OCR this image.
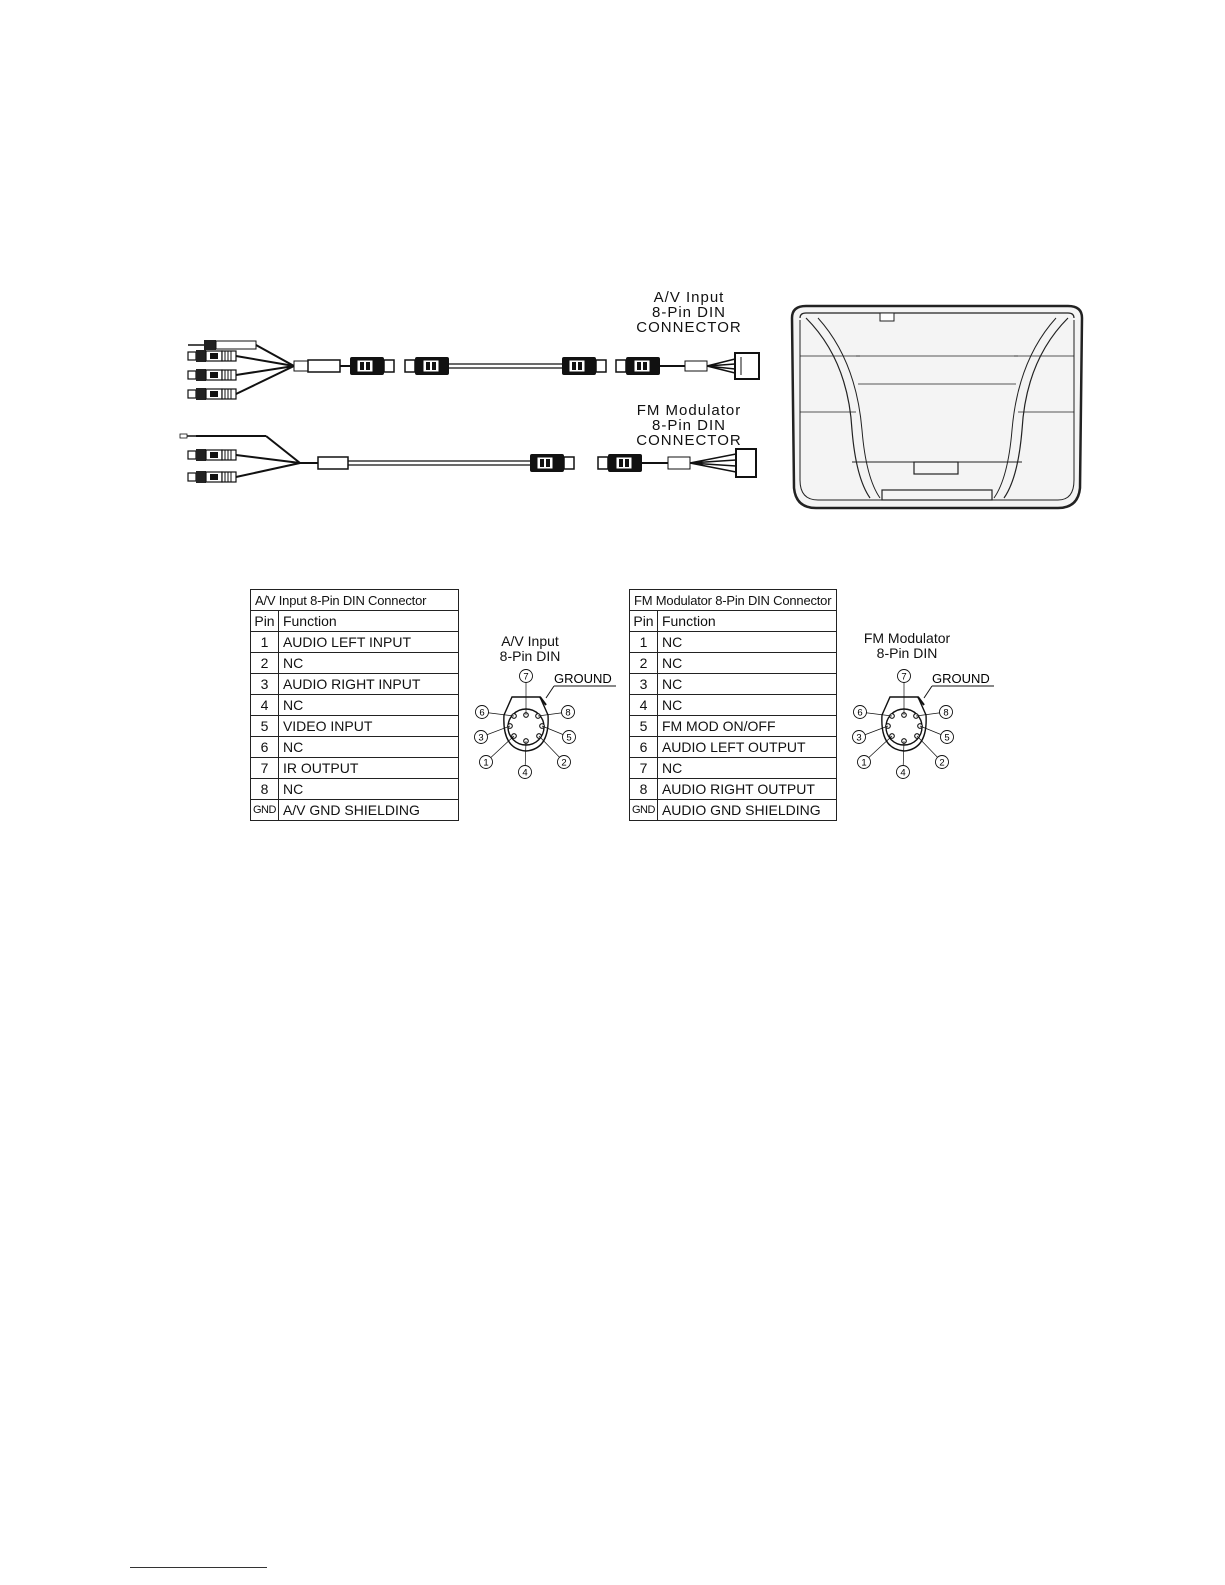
A/V Input
8-Pin DIN
CONNECTOR
FM Modulator
8-Pin DIN
CONNECTOR
A/V Input 8-Pin DIN Connector	
Pin	Function
1	AUDIO LEFT INPUT
2	NC
3	AUDIO RIGHT INPUT
4	NC
5	VIDEO INPUT
6	NC
7	IR OUTPUT
8	NC
GND	A/V GND SHIELDING
FM Modulator 8-Pin DIN Connector	
Pin	Function
1	NC
2	NC
3	NC
4	NC
5	FM MOD ON/OFF
6	AUDIO LEFT OUTPUT
7	NC
8	AUDIO RIGHT OUTPUT
GND	AUDIO GND SHIELDING
A/V Input
8-Pin DIN
FM Modulator
8-Pin DIN
GROUND
1	2
3
4
5
6
7
8
GROUND
1	2
3
4
5
6
7
8
